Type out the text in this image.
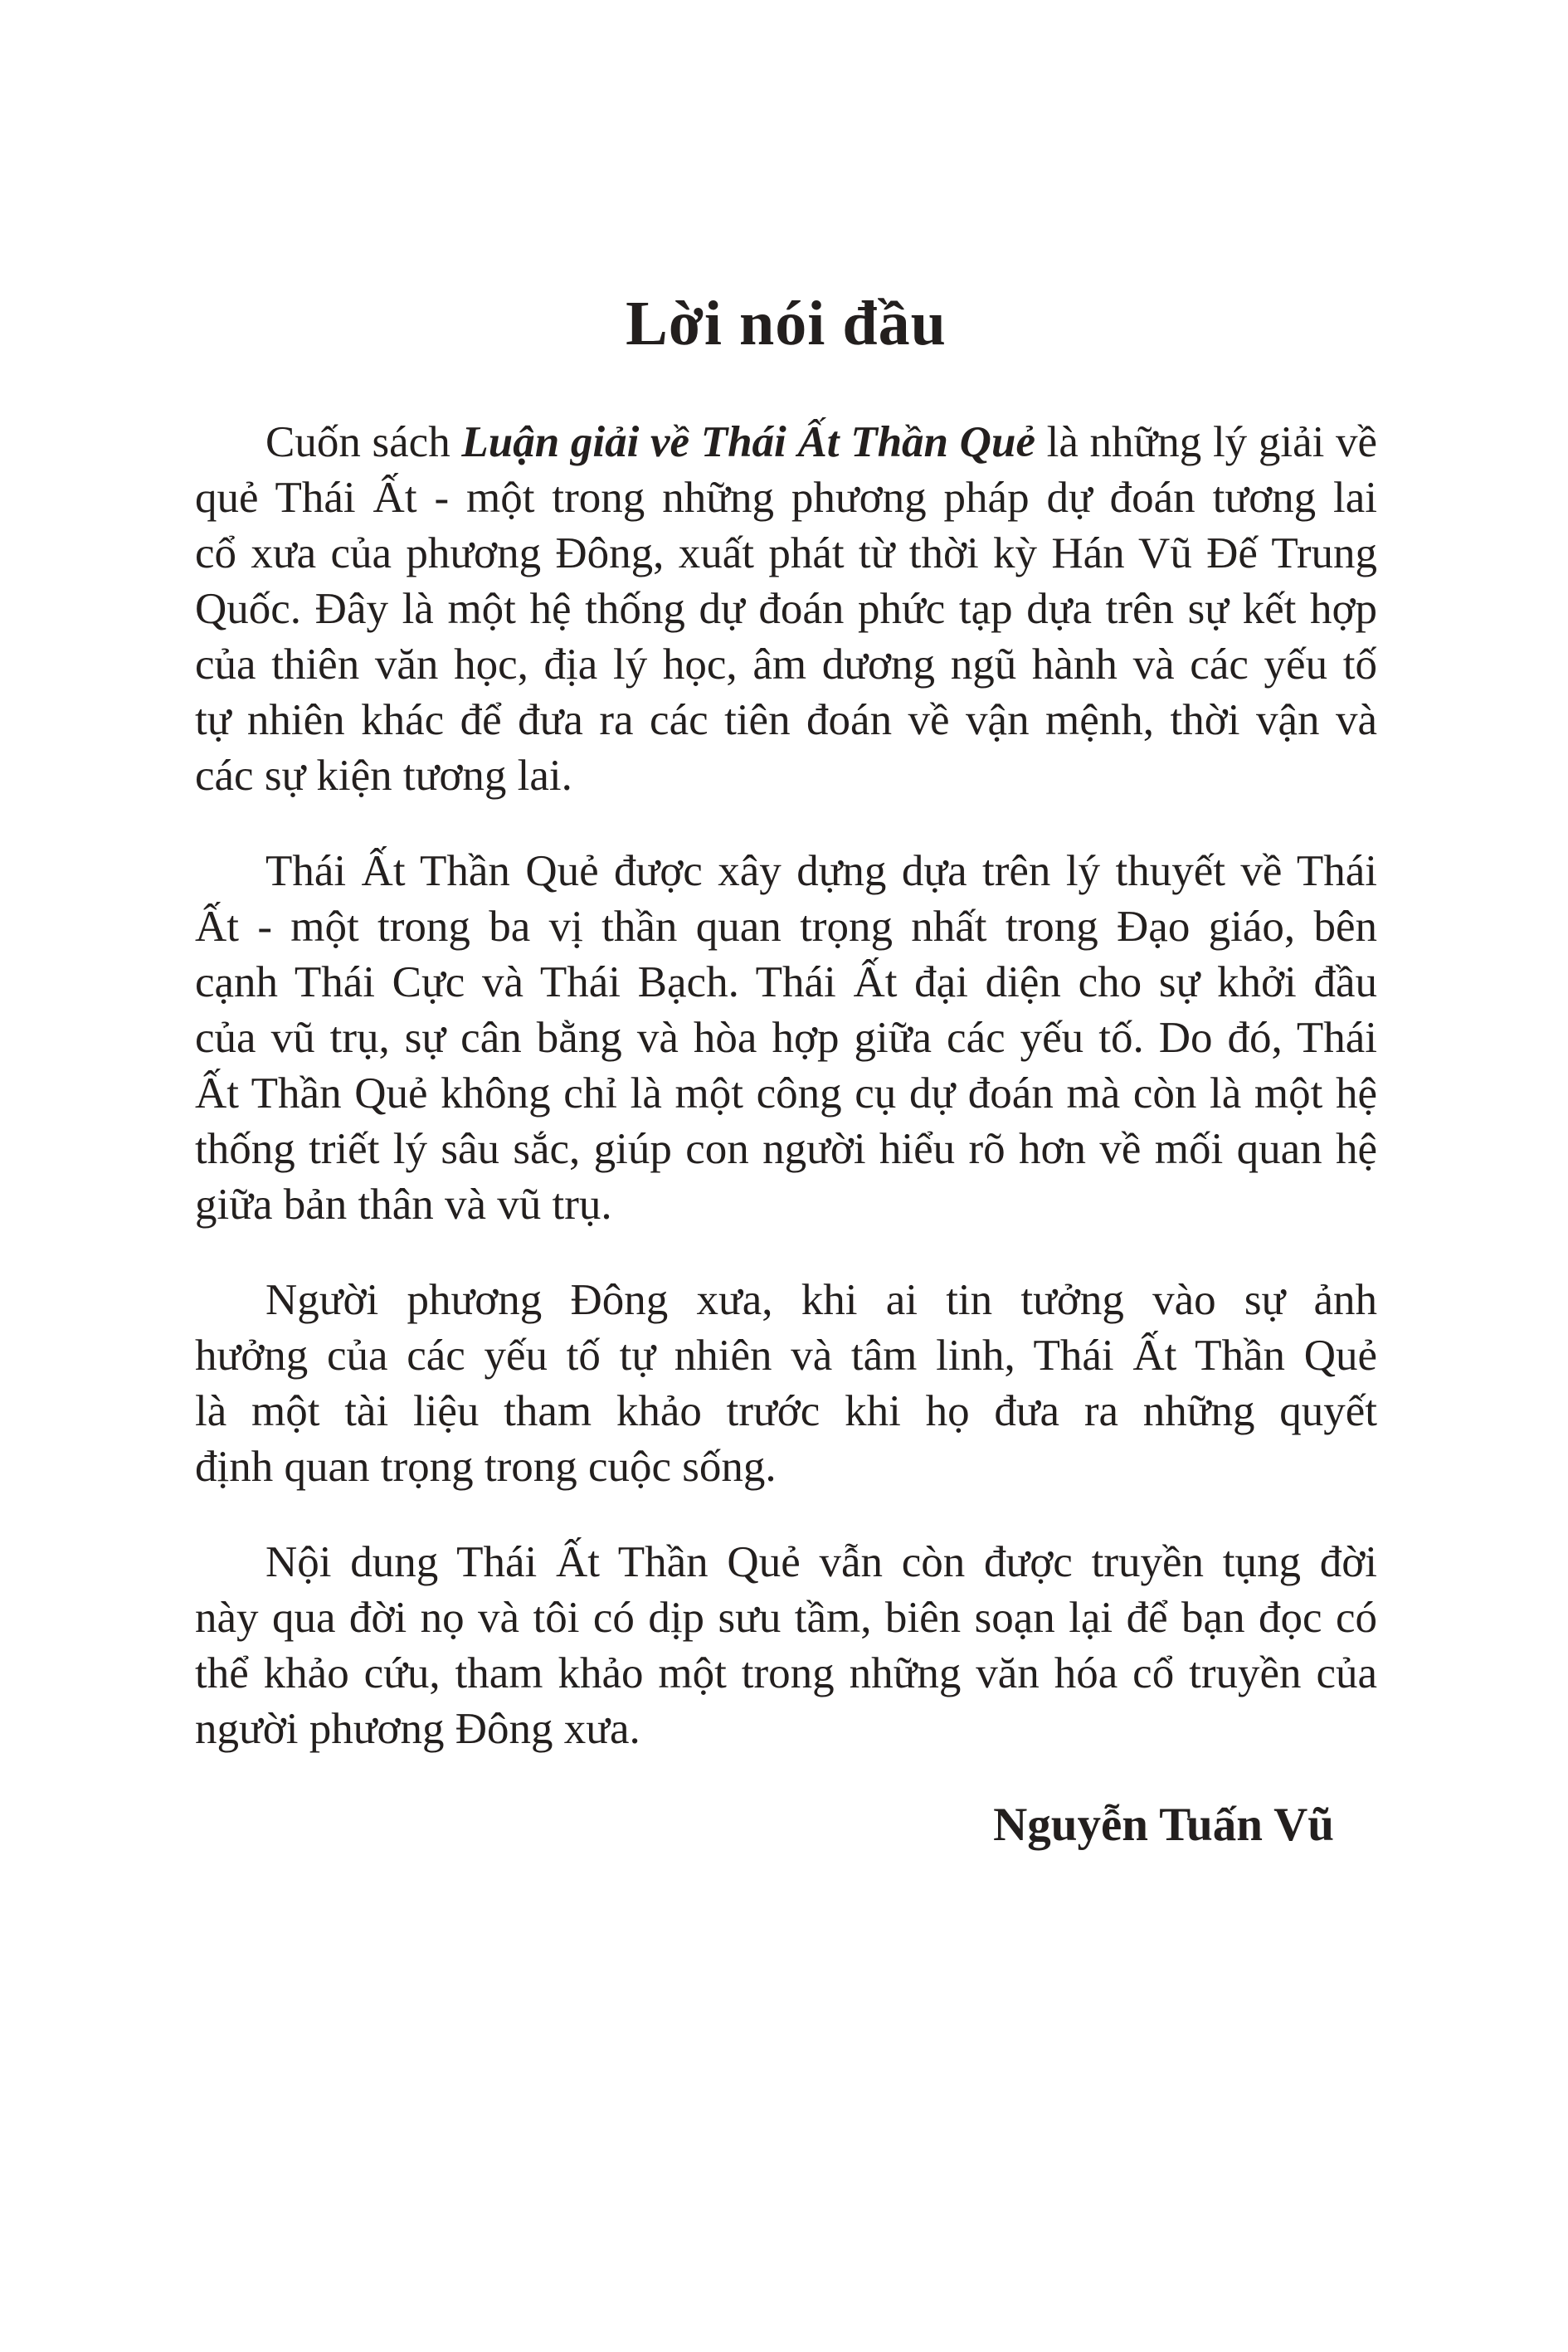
Lời nói đầu
Cuốn sách Luận giải về Thái Ất Thần Quẻ là những lý giải về
quẻ Thái Ất - một trong những phương pháp dự đoán tương lai
cổ xưa của phương Đông, xuất phát từ thời kỳ Hán Vũ Đế Trung
Quốc. Đây là một hệ thống dự đoán phức tạp dựa trên sự kết hợp
của thiên văn học, địa lý học, âm dương ngũ hành và các yếu tố
tự nhiên khác để đưa ra các tiên đoán về vận mệnh, thời vận và
các sự kiện tương lai.
Thái Ất Thần Quẻ được xây dựng dựa trên lý thuyết về Thái
Ất - một trong ba vị thần quan trọng nhất trong Đạo giáo, bên
cạnh Thái Cực và Thái Bạch. Thái Ất đại diện cho sự khởi đầu
của vũ trụ, sự cân bằng và hòa hợp giữa các yếu tố. Do đó, Thái
Ất Thần Quẻ không chỉ là một công cụ dự đoán mà còn là một hệ
thống triết lý sâu sắc, giúp con người hiểu rõ hơn về mối quan hệ
giữa bản thân và vũ trụ.
Người phương Đông xưa, khi ai tin tưởng vào sự ảnh
hưởng của các yếu tố tự nhiên và tâm linh, Thái Ất Thần Quẻ
là một tài liệu tham khảo trước khi họ đưa ra những quyết
định quan trọng trong cuộc sống.
Nội dung Thái Ất Thần Quẻ vẫn còn được truyền tụng đời
này qua đời nọ và tôi có dịp sưu tầm, biên soạn lại để bạn đọc có
thể khảo cứu, tham khảo một trong những văn hóa cổ truyền của
người phương Đông xưa.
Nguyễn Tuấn Vũ
